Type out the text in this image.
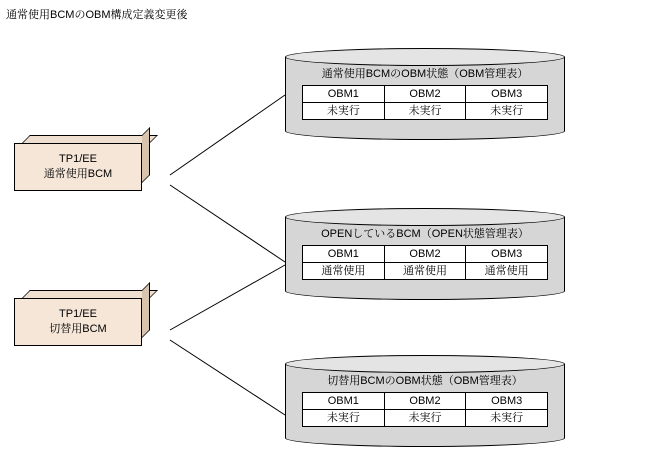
通常使用BCMのOBM構成定義変更後
TP1/EE
通常使用BCM
TP1/EE
切替用BCM
通常使用BCMのOBM状態（OBM管理表）
OBM1	OBM2	OBM3
未実行	未実行	未実行
OPENしているBCM（OPEN状態管理表）
OBM1	OBM2	OBM3
通常使用	通常使用	通常使用
切替用BCMのOBM状態（OBM管理表）
OBM1	OBM2	OBM3
未実行	未実行	未実行
